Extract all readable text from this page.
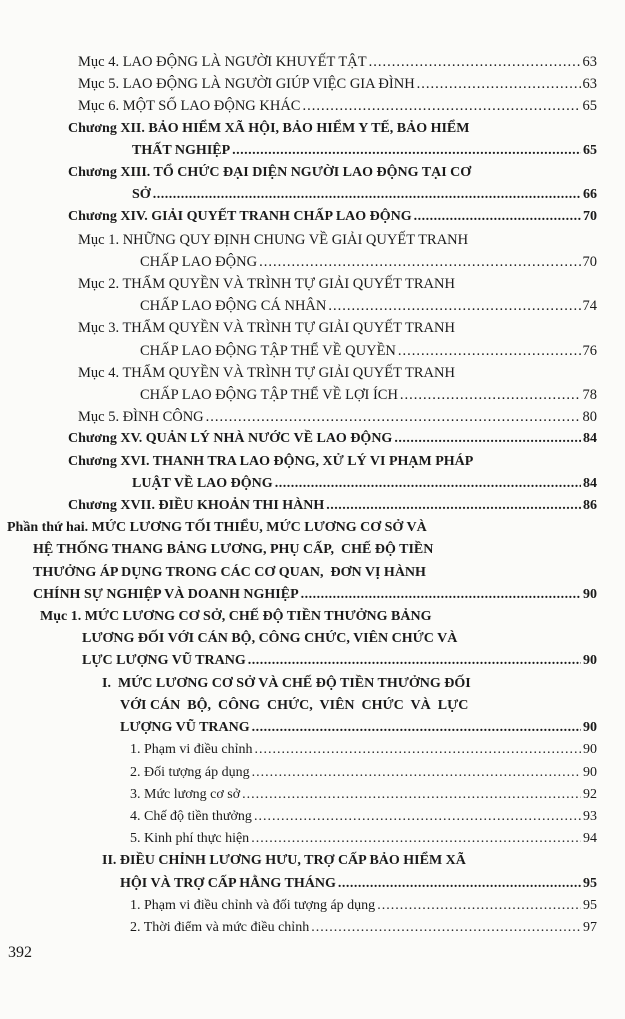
Mục 4. LAO ĐỘNG LÀ NGƯỜI KHUYẾT TẬT .....	63
Mục 5. LAO ĐỘNG LÀ NGƯỜI GIÚP VIỆC GIA ĐÌNH .....	63
Mục 6. MỘT SỐ LAO ĐỘNG KHÁC .....	65
Chương XII. BẢO HIỂM XÃ HỘI, BẢO HIỂM Y TẾ, BẢO HIỂM
THẤT NGHIỆP .....	65
Chương XIII. TỔ CHỨC ĐẠI DIỆN NGƯỜI LAO ĐỘNG TẠI CƠ
SỞ .....	66
Chương XIV. GIẢI QUYẾT TRANH CHẤP LAO ĐỘNG .....	70
Mục 1. NHỮNG QUY ĐỊNH CHUNG VỀ GIẢI QUYẾT TRANH
CHẤP LAO ĐỘNG .....	70
Mục 2. THẨM QUYỀN VÀ TRÌNH TỰ GIẢI QUYẾT TRANH
CHẤP LAO ĐỘNG CÁ NHÂN .....	74
Mục 3. THẨM QUYỀN VÀ TRÌNH TỰ GIẢI QUYẾT TRANH
CHẤP LAO ĐỘNG TẬP THỂ VỀ QUYỀN .....	76
Mục 4. THẨM QUYỀN VÀ TRÌNH TỰ GIẢI QUYẾT TRANH
CHẤP LAO ĐỘNG TẬP THỂ VỀ LỢI ÍCH .....	78
Mục 5. ĐÌNH CÔNG .....	80
Chương XV. QUẢN LÝ NHÀ NƯỚC VỀ LAO ĐỘNG .....	84
Chương XVI. THANH TRA LAO ĐỘNG, XỬ LÝ VI PHẠM PHÁP
LUẬT VỀ LAO ĐỘNG .....	84
Chương XVII. ĐIỀU KHOẢN THI HÀNH .....	86
Phần thứ hai. MỨC LƯƠNG TỐI THIỂU, MỨC LƯƠNG CƠ SỞ VÀ
HỆ THỐNG THANG BẢNG LƯƠNG, PHỤ CẤP,  CHẾ ĐỘ TIỀN
THƯỞNG ÁP DỤNG TRONG CÁC CƠ QUAN,  ĐƠN VỊ HÀNH
CHÍNH SỰ NGHIỆP VÀ DOANH NGHIỆP .....	90
Mục 1. MỨC LƯƠNG CƠ SỞ, CHẾ ĐỘ TIỀN THƯỞNG BẢNG
LƯƠNG ĐỐI VỚI CÁN BỘ, CÔNG CHỨC, VIÊN CHỨC VÀ
LỰC LƯỢNG VŨ TRANG .....	90
I.  MỨC LƯƠNG CƠ SỞ VÀ CHẾ ĐỘ TIỀN THƯỞNG ĐỐI
VỚI CÁN  BỘ,  CÔNG  CHỨC,  VIÊN  CHỨC  VÀ  LỰC
LƯỢNG VŨ TRANG .....	90
1. Phạm vi điều chỉnh .....	90
2. Đối tượng áp dụng .....	90
3. Mức lương cơ sở .....	92
4. Chế độ tiền thưởng .....	93
5. Kinh phí thực hiện .....	94
II. ĐIỀU CHỈNH LƯƠNG HƯU, TRỢ CẤP BẢO HIỂM XÃ
HỘI VÀ TRỢ CẤP HẰNG THÁNG .....	95
1. Phạm vi điều chỉnh và đối tượng áp dụng .....	95
2. Thời điểm và mức điều chỉnh .....	97
392
